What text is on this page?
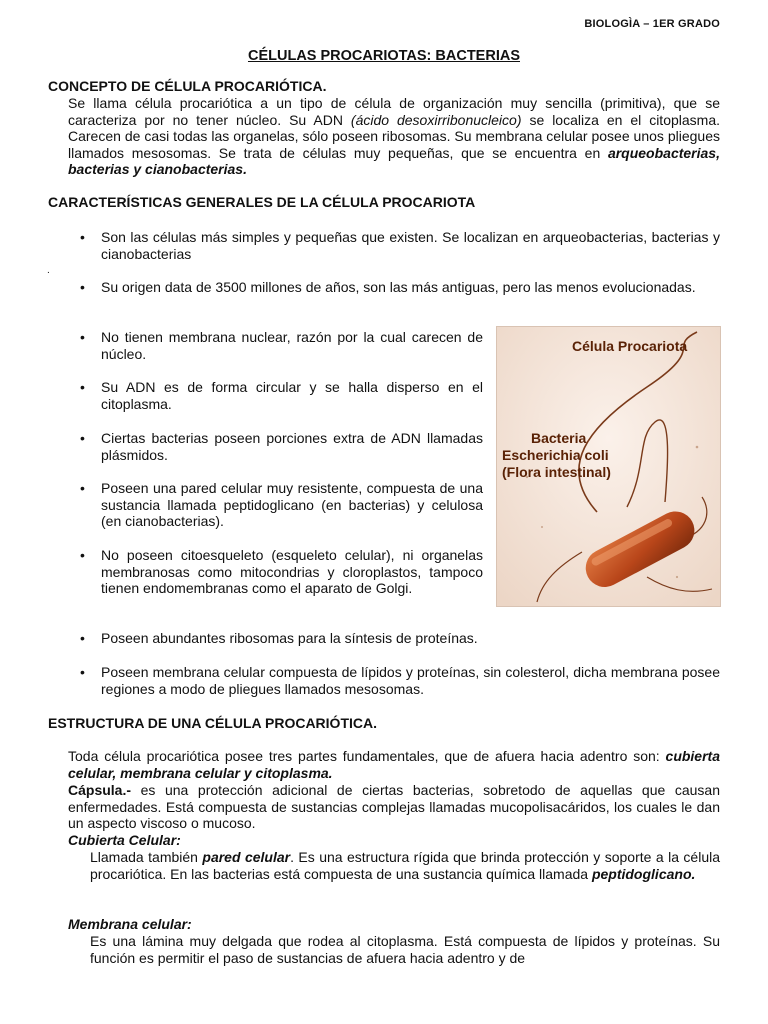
BIOLOGÌA – 1ER GRADO
CÉLULAS PROCARIOTAS: BACTERIAS
CONCEPTO DE CÉLULA PROCARIÓTICA.
Se llama célula procariótica a un tipo de célula de organización muy sencilla (primitiva), que se caracteriza por no tener núcleo. Su ADN (ácido desoxirribonucleico) se localiza en el citoplasma. Carecen de casi todas las organelas, sólo poseen ribosomas. Su membrana celular posee unos pliegues llamados mesosomas. Se trata de células muy pequeñas, que se encuentra en arqueobacterias, bacterias y cianobacterias.
CARACTERÍSTICAS GENERALES DE LA CÉLULA PROCARIOTA
.
• Son las células más simples y pequeñas que existen. Se localizan en arqueobacterias, bacterias y cianobacterias
• Su origen data de 3500 millones de años, son las más antiguas, pero las menos evolucionadas.
• No tienen membrana nuclear, razón por la cual carecen de núcleo.
• Su ADN es de forma circular y se halla disperso en el citoplasma.
• Ciertas bacterias poseen porciones extra de ADN llamadas plásmidos.
• Poseen una pared celular muy resistente, compuesta de una sustancia llamada peptidoglicano (en bacterias) y celulosa (en cianobacterias).
• No poseen citoesqueleto (esqueleto celular), ni organelas membranosas como mitocondrias y cloroplastos, tampoco tienen endomembranas como el aparato de Golgi.
• Poseen abundantes ribosomas para la síntesis de proteínas.
• Poseen membrana celular compuesta de lípidos y proteínas, sin colesterol, dicha membrana posee regiones a modo de pliegues llamados mesosomas.
Célula Procariota
Bacteria
Escherichia coli
(Flora intestinal)
ESTRUCTURA DE UNA CÉLULA PROCARIÓTICA.
Toda célula procariótica posee tres partes fundamentales, que de afuera hacia adentro son: cubierta celular, membrana celular y citoplasma.
Cápsula.- es una protección adicional de ciertas bacterias, sobretodo de aquellas que causan enfermedades. Está compuesta de sustancias complejas llamadas mucopolisacáridos, los cuales le dan un aspecto viscoso o mucoso.
Cubierta Celular:
Llamada también pared celular. Es una estructura rígida que brinda protección y soporte a la célula procariótica. En las bacterias está compuesta de una sustancia química llamada peptidoglicano.
Membrana celular:
Es una lámina muy delgada que rodea al citoplasma. Está compuesta de lípidos y proteínas. Su función es permitir el paso de sustancias de afuera hacia adentro y de
